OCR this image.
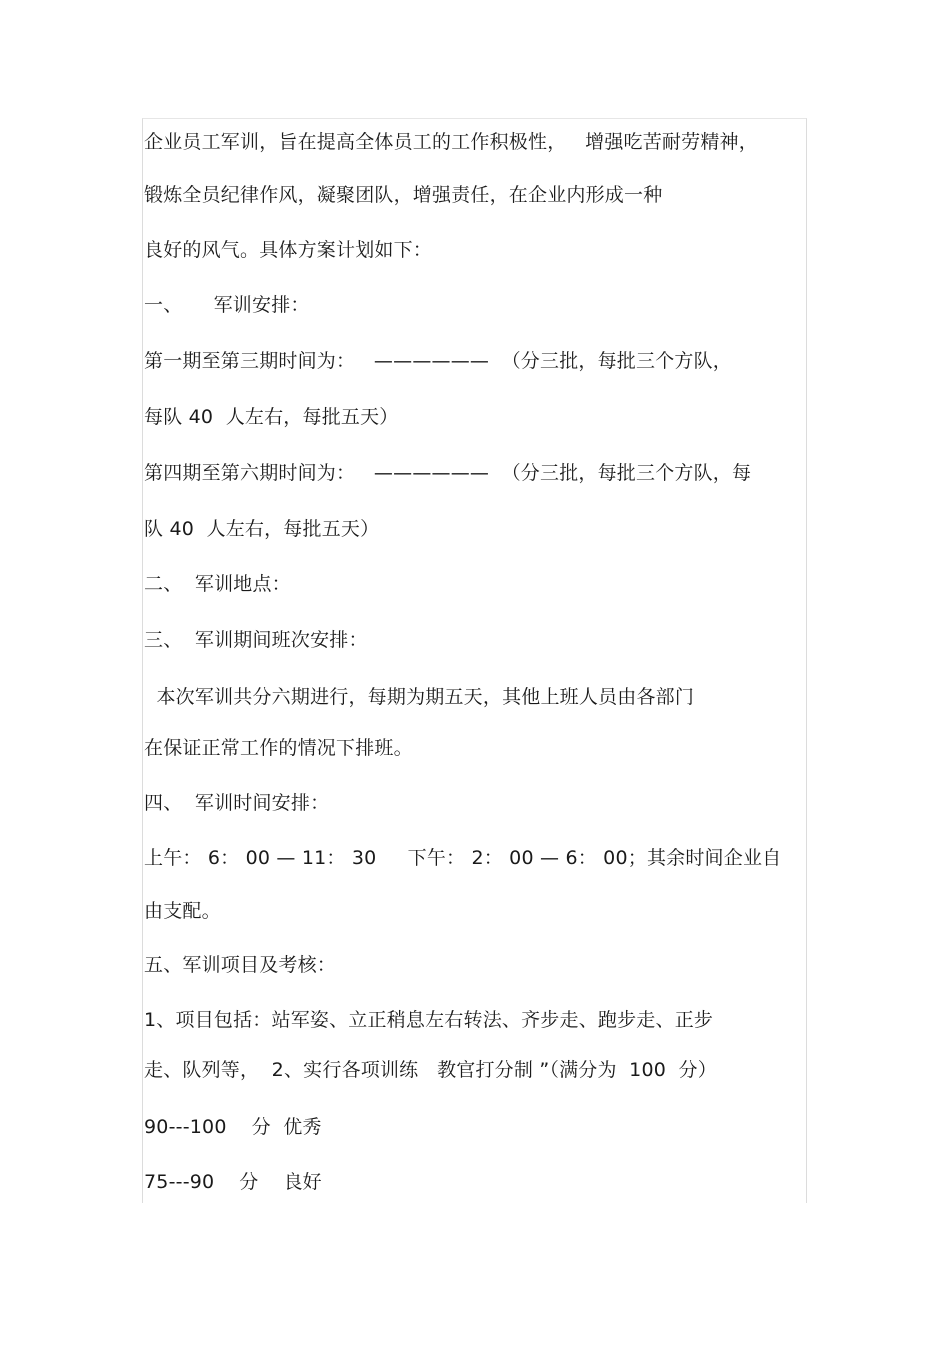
企业员工军训，旨在提高全体员工的工作积极性，   增强吃苦耐劳精神，
锻炼全员纪律作风，凝聚团队，增强责任，在企业内形成一种
良好的风气。具体方案计划如下：
一、     军训安排：
第一期至第三期时间为：   ——————  （分三批，每批三个方队，
每队 40  人左右，每批五天）
第四期至第六期时间为：   ——————  （分三批，每批三个方队，每
队 40  人左右，每批五天）
二、  军训地点：
三、  军训期间班次安排：
本次军训共分六期进行，每期为期五天，其他上班人员由各部门
在保证正常工作的情况下排班。
四、  军训时间安排：
上午： 6： 00 — 11： 30     下午： 2： 00 — 6： 00；其余时间企业自
由支配。
五、军训项目及考核：
1、项目包括：站军姿、立正稍息左右转法、齐步走、跑步走、正步
走、队列等，  2、实行各项训练   教官打分制 ”（满分为  100  分）
90---100    分  优秀
75---90    分    良好
